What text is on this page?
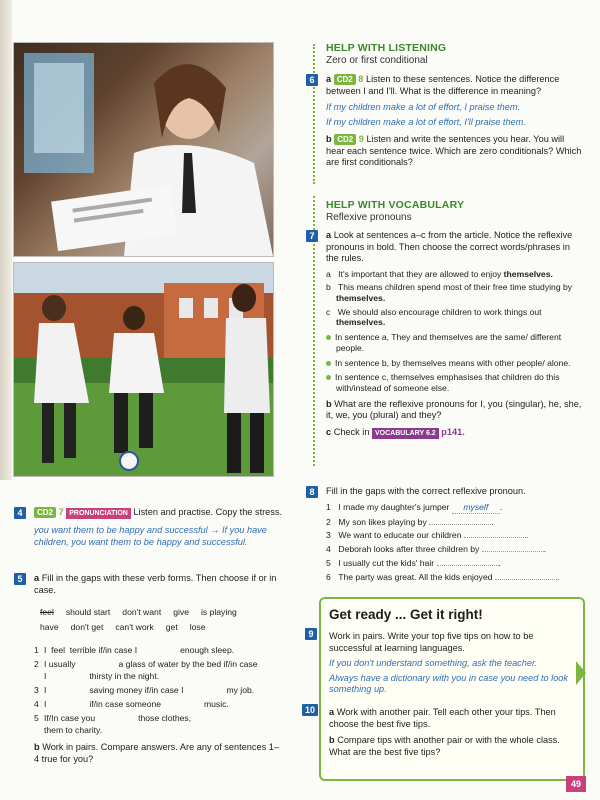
HELP WITH LISTENING
Zero or first conditional
6	a CD2 8 Listen to these sentences. Notice the difference between I and I'll. What is the difference in meaning?
If my children make a lot of effort, I praise them.
If my children make a lot of effort, I'll praise them.
b CD2 9 Listen and write the sentences you hear. You will hear each sentence twice. Which are zero conditionals? Which are first conditionals?
HELP WITH VOCABULARY
Reflexive pronouns
7	a Look at sentences a–c from the article. Notice the reflexive pronouns in bold. Then choose the correct words/phrases in the rules.
a It's important that they are allowed to enjoy themselves.
b This means children spend most of their free time studying by themselves.
c We should also encourage children to work things out themselves.
In sentence a, They and themselves are the same/ different people.
In sentence b, by themselves means with other people/ alone.
In sentence c, themselves emphasises that children do this with/instead of someone else.
b What are the reflexive pronouns for I, you (singular), he, she, it, we, you (plural) and they?
c Check in VOCABULARY 6.2 p141.
8	Fill in the gaps with the correct reflexive pronoun.
1 I made my daughter's jumper myself .
2 My son likes playing by	.
3 We want to educate our children	.
4 Deborah looks after three children by	.
5 I usually cut the kids' hair	.
6 The party was great. All the kids enjoyed	.
Get ready ... Get it right!
Work in pairs. Write your top five tips on how to be successful at learning languages.
If you don't understand something, ask the teacher.
Always have a dictionary with you in case you need to look something up.
a Work with another pair. Tell each other your tips. Then choose the best five tips.
b Compare tips with another pair or with the whole class. What are the best five tips?
9
10
4	CD2 7 PRONUNCIATION Listen and practise. Copy the stress.
you want them to be happy and successful → If you have children, you want them to be happy and successful.
5	a Fill in the gaps with these verb forms. Then choose if or in case.
feel should start don't want give is playing
have don't get can't work get lose
1 I  feel  terrible if/in case I                  enough sleep.
2 I usually                  a glass of water by the bed if/in case
I                  thirsty in the night.
3 I                  saving money if/in case I                  my job.
4 I                  if/in case someone                  music.
5 If/In case you                  those clothes,
them to charity.
b Work in pairs. Compare answers. Are any of sentences 1–4 true for you?
49
